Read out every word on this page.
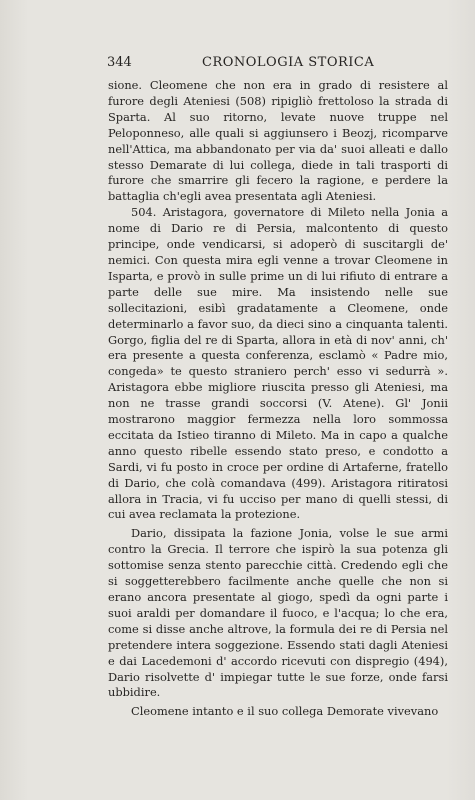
344	CRONOLOGIA STORICA

sione. Cleomene che non era in grado di resistere al furore degli Ateniesi (508) ripigliò frettoloso la strada di Sparta. Al suo ritorno, levate nuove truppe nel Peloponneso, alle quali si aggiunsero i Beozj, ricomparve nell'Attica, ma abbandonato per via da' suoi alleati e dallo stesso Demarate di lui collega, diede in tali trasporti di furore che smarrire gli fecero la ragione, e perdere la battaglia ch'egli avea presentata agli Ateniesi.

504. Aristagora, governatore di Mileto nella Jonia a nome di Dario re di Persia, malcontento di questo principe, onde vendicarsi, si adoperò di suscitargli de' nemici. Con questa mira egli venne a trovar Cleomene in Isparta, e provò in sulle prime un di lui rifiuto di entrare a parte delle sue mire. Ma insistendo nelle sue sollecitazioni, esibì gradatamente a Cleomene, onde determinarlo a favor suo, da dieci sino a cinquanta talenti. Gorgo, figlia del re di Sparta, allora in età di nov' anni, ch' era presente a questa conferenza, esclamò « Padre mio, congeda» te questo straniero perch' esso vi sedurrà ». Aristagora ebbe migliore riuscita presso gli Ateniesi, ma non ne trasse grandi soccorsi (V. Atene). Gl' Jonii mostrarono maggior fermezza nella loro sommossa eccitata da Istieo tiranno di Mileto. Ma in capo a qualche anno questo ribelle essendo stato preso, e condotto a Sardi, vi fu posto in croce per ordine di Artaferne, fratello di Dario, che colà comandava (499). Aristagora ritiratosi allora in Tracia, vi fu ucciso per mano di quelli stessi, di cui avea reclamata la protezione.

Dario, dissipata la fazione Jonia, volse le sue armi contro la Grecia. Il terrore che ispirò la sua potenza gli sottomise senza stento parecchie città. Credendo egli che si soggetterebbero facilmente anche quelle che non si erano ancora presentate al giogo, spedì da ogni parte i suoi araldi per domandare il fuoco, e l'acqua; lo che era, come si disse anche altrove, la formula dei re di Persia nel pretendere intera soggezione. Essendo stati dagli Ateniesi e dai Lacedemoni d' accordo ricevuti con dispregio (494), Dario risolvette d' impiegar tutte le sue forze, onde farsi ubbidire.

Cleomene intanto e il suo collega Demorate vivevano
